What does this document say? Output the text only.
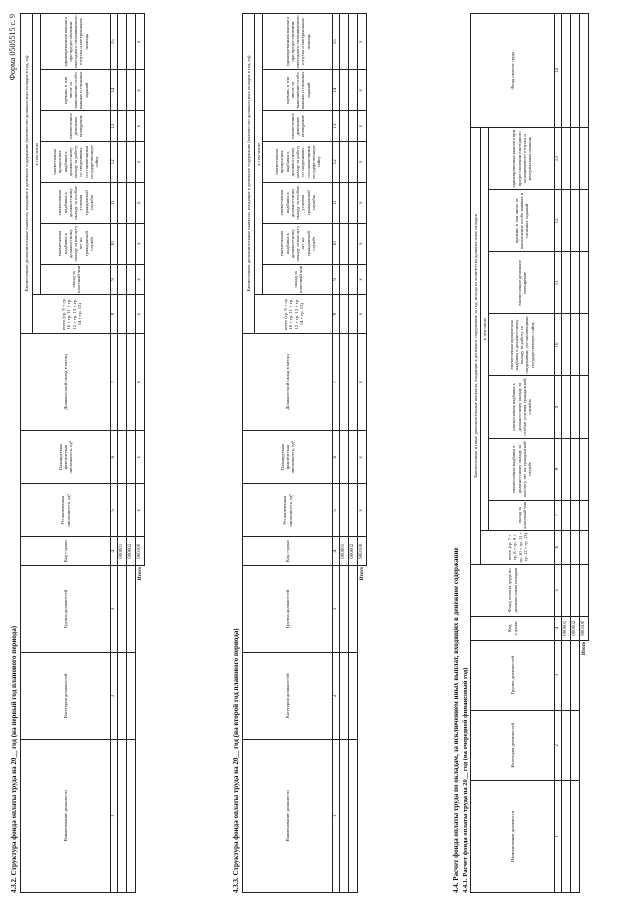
Форма 0505515 с. 9
4.3.2. Структура фонда оплаты труда на 20__ год (на первый год планового периода)	Наименование должности	Категория должностей	Группа должностей	Код строки	Установленная численность, ед⁹	Планируемая фактическая численность, ед⁹	Должностной оклад в месяц	Ежемесячные дополнительные выплаты, входящие в денежное содержание (количество должностных окладов в год, ед)							
							всего (гр. 9 + гр. 10 + гр. 11 + гр. 12 + гр. 13 + гр. 14 + гр. 15)	в том числе						
								оклад за классный чин	ежемесячная надбавка к должностному окладу за выслугу лет на гражданской службе	ежемесячная надбавка к должностному окладу за особые условия гражданской службы	ежемесячная процентная надбавка к должностному окладу за работу со сведениями, составляющими государственную тайну	ежемесячное денежное поощрение	премии, в том числе за выполнение особо важных и сложных заданий	единовременная выплата при предоставлении ежегодного оплачиваемого отпуска и материальная помощь
1	2	3	4	5	6	7	8	9	10	11	12	13	14	15
			000001											
			000002											
Итого			900100	x	x	x	x	x	x	x	x	x	x	x
4.3.3. Структура фонда оплаты труда на 20__ год (на второй год планового периода)	Наименование должности	Категория должностей	Группа должностей	Код строки	Установленная численность, ед⁹	Планируемая фактическая численность, ед⁹	Должностной оклад в месяц	Ежемесячные дополнительные выплаты, входящие в денежное содержание (количество должностных окладов в год, ед)							
							всего (гр. 9 + гр. 10 + гр. 11 + гр. 12 + гр. 13 + гр. 14 + гр. 15)	в том числе						
								оклад за классный чин	ежемесячная надбавка к должностному окладу за выслугу лет на гражданской службе	ежемесячная надбавка к должностному окладу за особые условия гражданской службы	ежемесячная процентная надбавка к должностному окладу за работу со сведениями, составляющими государственную тайну	ежемесячное денежное поощрение	премии, в том числе за выполнение особо важных и сложных заданий	единовременная выплата при предоставлении ежегодного оплачиваемого отпуска и материальная помощь
1	2	3	4	5	6	7	8	9	10	11	12	13	14	15
			000001											
			000002											
Итого			900100	x	x	x	x	x	x	x	x	x	x	x
4.4. Расчет фонда оплаты труда по окладам, за исключением иных выплат, входящих в денежное содержание 4.4.1. Расчет фонда оплаты труда на 20__ год (на очередной финансовый год)	Наименование должности	Категория должностей	Группа должностей	Код строки	Фонд оплаты труда по должностным окладам	Ежемесячные и иные дополнительные выплаты, входящие в денежное содержание за год, исходя из количества должностных окладов								Фонд оплаты труда
					всего (гр. 7 + гр. 8 + гр. 9 + гр. 10 + гр. 11 + гр. 12 + гр. 13)	в том числе							
						оклад за классный чин	ежемесячная надбавка к должностному окладу за выслугу лет на гражданской службе	ежемесячная надбавка к должностному окладу за особые условия гражданской службы	ежемесячная процентная надбавка к должностному окладу за работу со сведениями, составляющими государственную тайну	ежемесячное денежное поощрение	премии, в том числе за выполнение особо важных и сложных заданий	единовременная выплата при предоставлении ежегодного оплачиваемого отпуска и материальная помощь	
1	2	3	4	5	6	7	8	9	10	11	12	13	14
			000001										
			000002										
Итого			900100										
